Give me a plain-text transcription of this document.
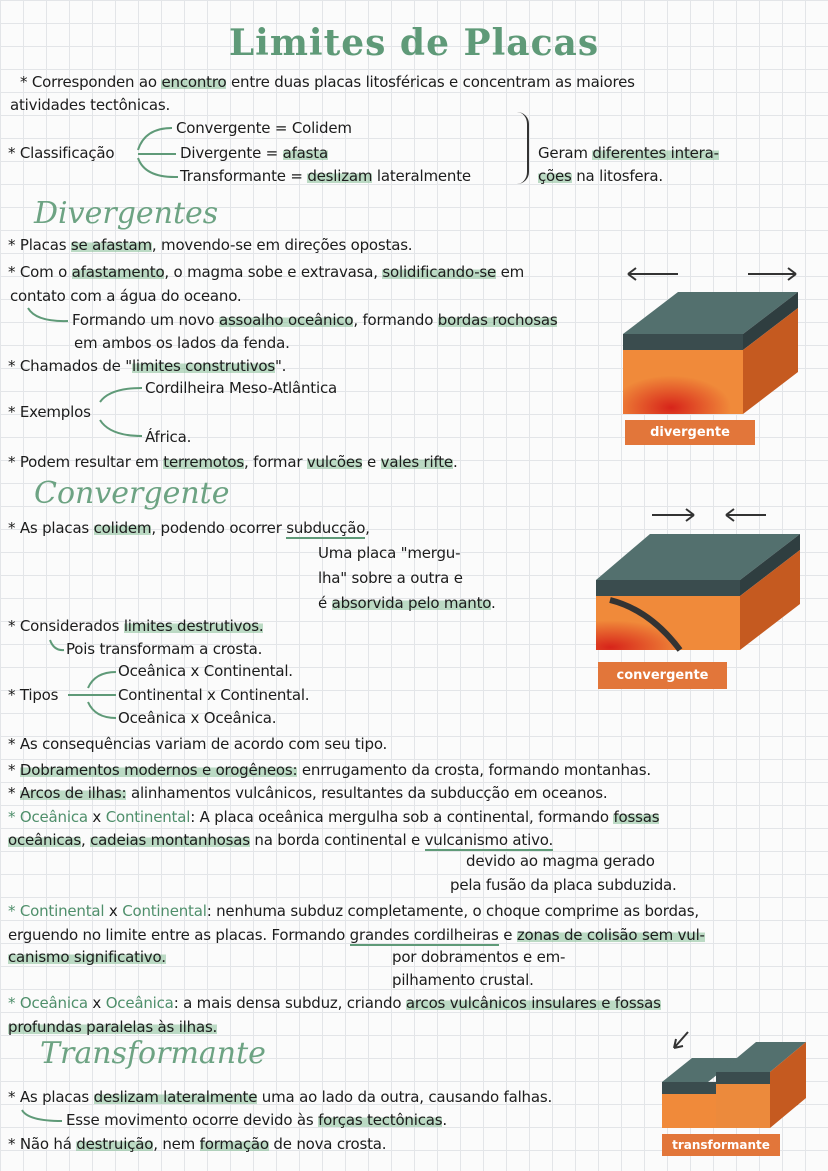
Limites de Placas
Divergentes
Convergente
Transformante
* Corresponden ao encontro entre duas placas litosféricas e concentram as maiores
atividades tectônicas.
Convergente = Colidem
* Classificação	Divergente = afasta
Transformante = deslizam lateralmente
Geram diferentes intera-
ções na litosfera.
* Placas se afastam, movendo-se em direções opostas.
* Com o afastamento, o magma sobe e extravasa, solidificando-se em
contato com a água do oceano.
Formando um novo assoalho oceânico, formando bordas rochosas
em ambos os lados da fenda.
* Chamados de "limites construtivos".
Cordilheira Meso-Atlântica
* Exemplos
África.
* Podem resultar em terremotos, formar vulcões e vales rifte.
* As placas colidem, podendo ocorrer subducção,
Uma placa "mergu-
lha" sobre a outra e
é absorvida pelo manto.
* Considerados limites destrutivos.
Pois transformam a crosta.
Oceânica x Continental.
* Tipos	Continental x Continental.
Oceânica x Oceânica.
* As consequências variam de acordo com seu tipo.
* Dobramentos modernos e orogêneos: enrrugamento da crosta, formando montanhas.
* Arcos de ilhas: alinhamentos vulcânicos, resultantes da subducção em oceanos.
* Oceânica x Continental: A placa oceânica mergulha sob a continental, formando fossas
oceânicas, cadeias montanhosas na borda continental e vulcanismo ativo.
devido ao magma gerado
pela fusão da placa subduzida.
* Continental x Continental: nenhuma subduz completamente, o choque comprime as bordas,
erguendo no limite entre as placas. Formando grandes cordilheiras e zonas de colisão sem vul-
canismo significativo.	por dobramentos e em-
pilhamento crustal.
* Oceânica x Oceânica: a mais densa subduz, criando arcos vulcânicos insulares e fossas
profundas paralelas às ilhas.
* As placas deslizam lateralmente uma ao lado da outra, causando falhas.
Esse movimento ocorre devido às forças tectônicas.
* Não há destruição, nem formação de nova crosta.
divergente
convergente
transformante
